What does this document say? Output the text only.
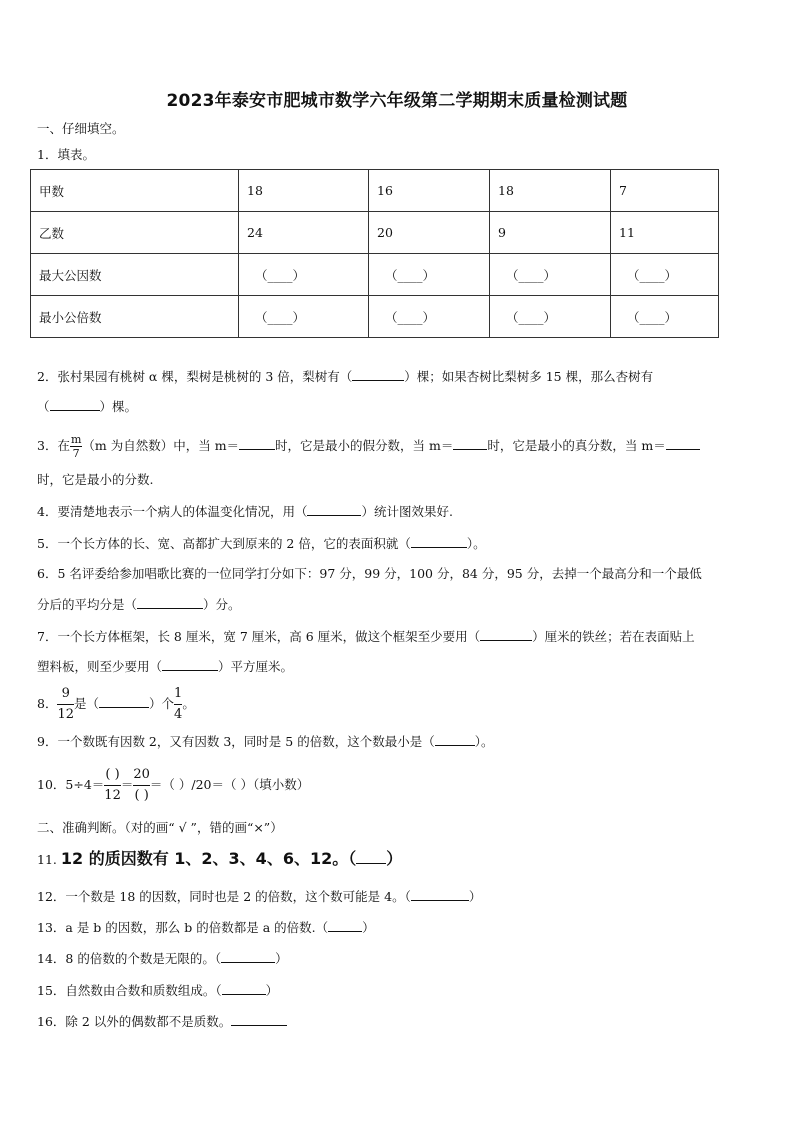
2023年泰安市肥城市数学六年级第二学期期末质量检测试题
一、仔细填空。
1．填表。
甲数	18	16	18	7
乙数	24	20	9	11
最大公因数	（____）	（____）	（____）	（____）
最小公倍数	（____）	（____）	（____）	（____）
2．张村果园有桃树 α 棵，梨树是桃树的 3 倍，梨树有（	）棵；如果杏树比梨树多 15 棵，那么杏树有
（	）棵。
3．在 $\frac{m}{7} (m$ 为自然数）中，当 m＝	时，它是最小的假分数，当 m＝	时，它是最小的真分数，当 m＝
时，它是最小的分数.
4．要清楚地表示一个病人的体温变化情况，用（	）统计图效果好.
5．一个长方体的长、宽、高都扩大到原来的 2 倍，它的表面积就（	）。
6．5 名评委给参加唱歌比赛的一位同学打分如下：97 分，99 分，100 分，84 分，95 分，去掉一个最高分和一个最低
分后的平均分是（	）分。
7．一个长方体框架，长 8 厘米，宽 7 厘米，高 6 厘米，做这个框架至少要用（	）厘米的铁丝；若在表面贴上
塑料板，则至少要用（	）平方厘米。
8．$\frac{9}{12}$是（	）个$\frac{1}{4}$。
9．一个数既有因数 2，又有因数 3，同时是 5 的倍数，这个数最小是（	）。
10．5÷4＝( )
12＝20
( )＝（ ）/20＝（ ）（填小数）
二、准确判断。（对的画“ √ ”，错的画“×”）
11. 12 的质因数有 1、2、3、4、6、12。（ ）
12．一个数是 18 的因数，同时也是 2 的倍数，这个数可能是 4。（	）
13．a 是 b 的因数，那么 b 的倍数都是 a 的倍数.（	）
14．8 的倍数的个数是无限的。（	）
15．自然数由合数和质数组成。（	）
16．除 2 以外的偶数都不是质数。
